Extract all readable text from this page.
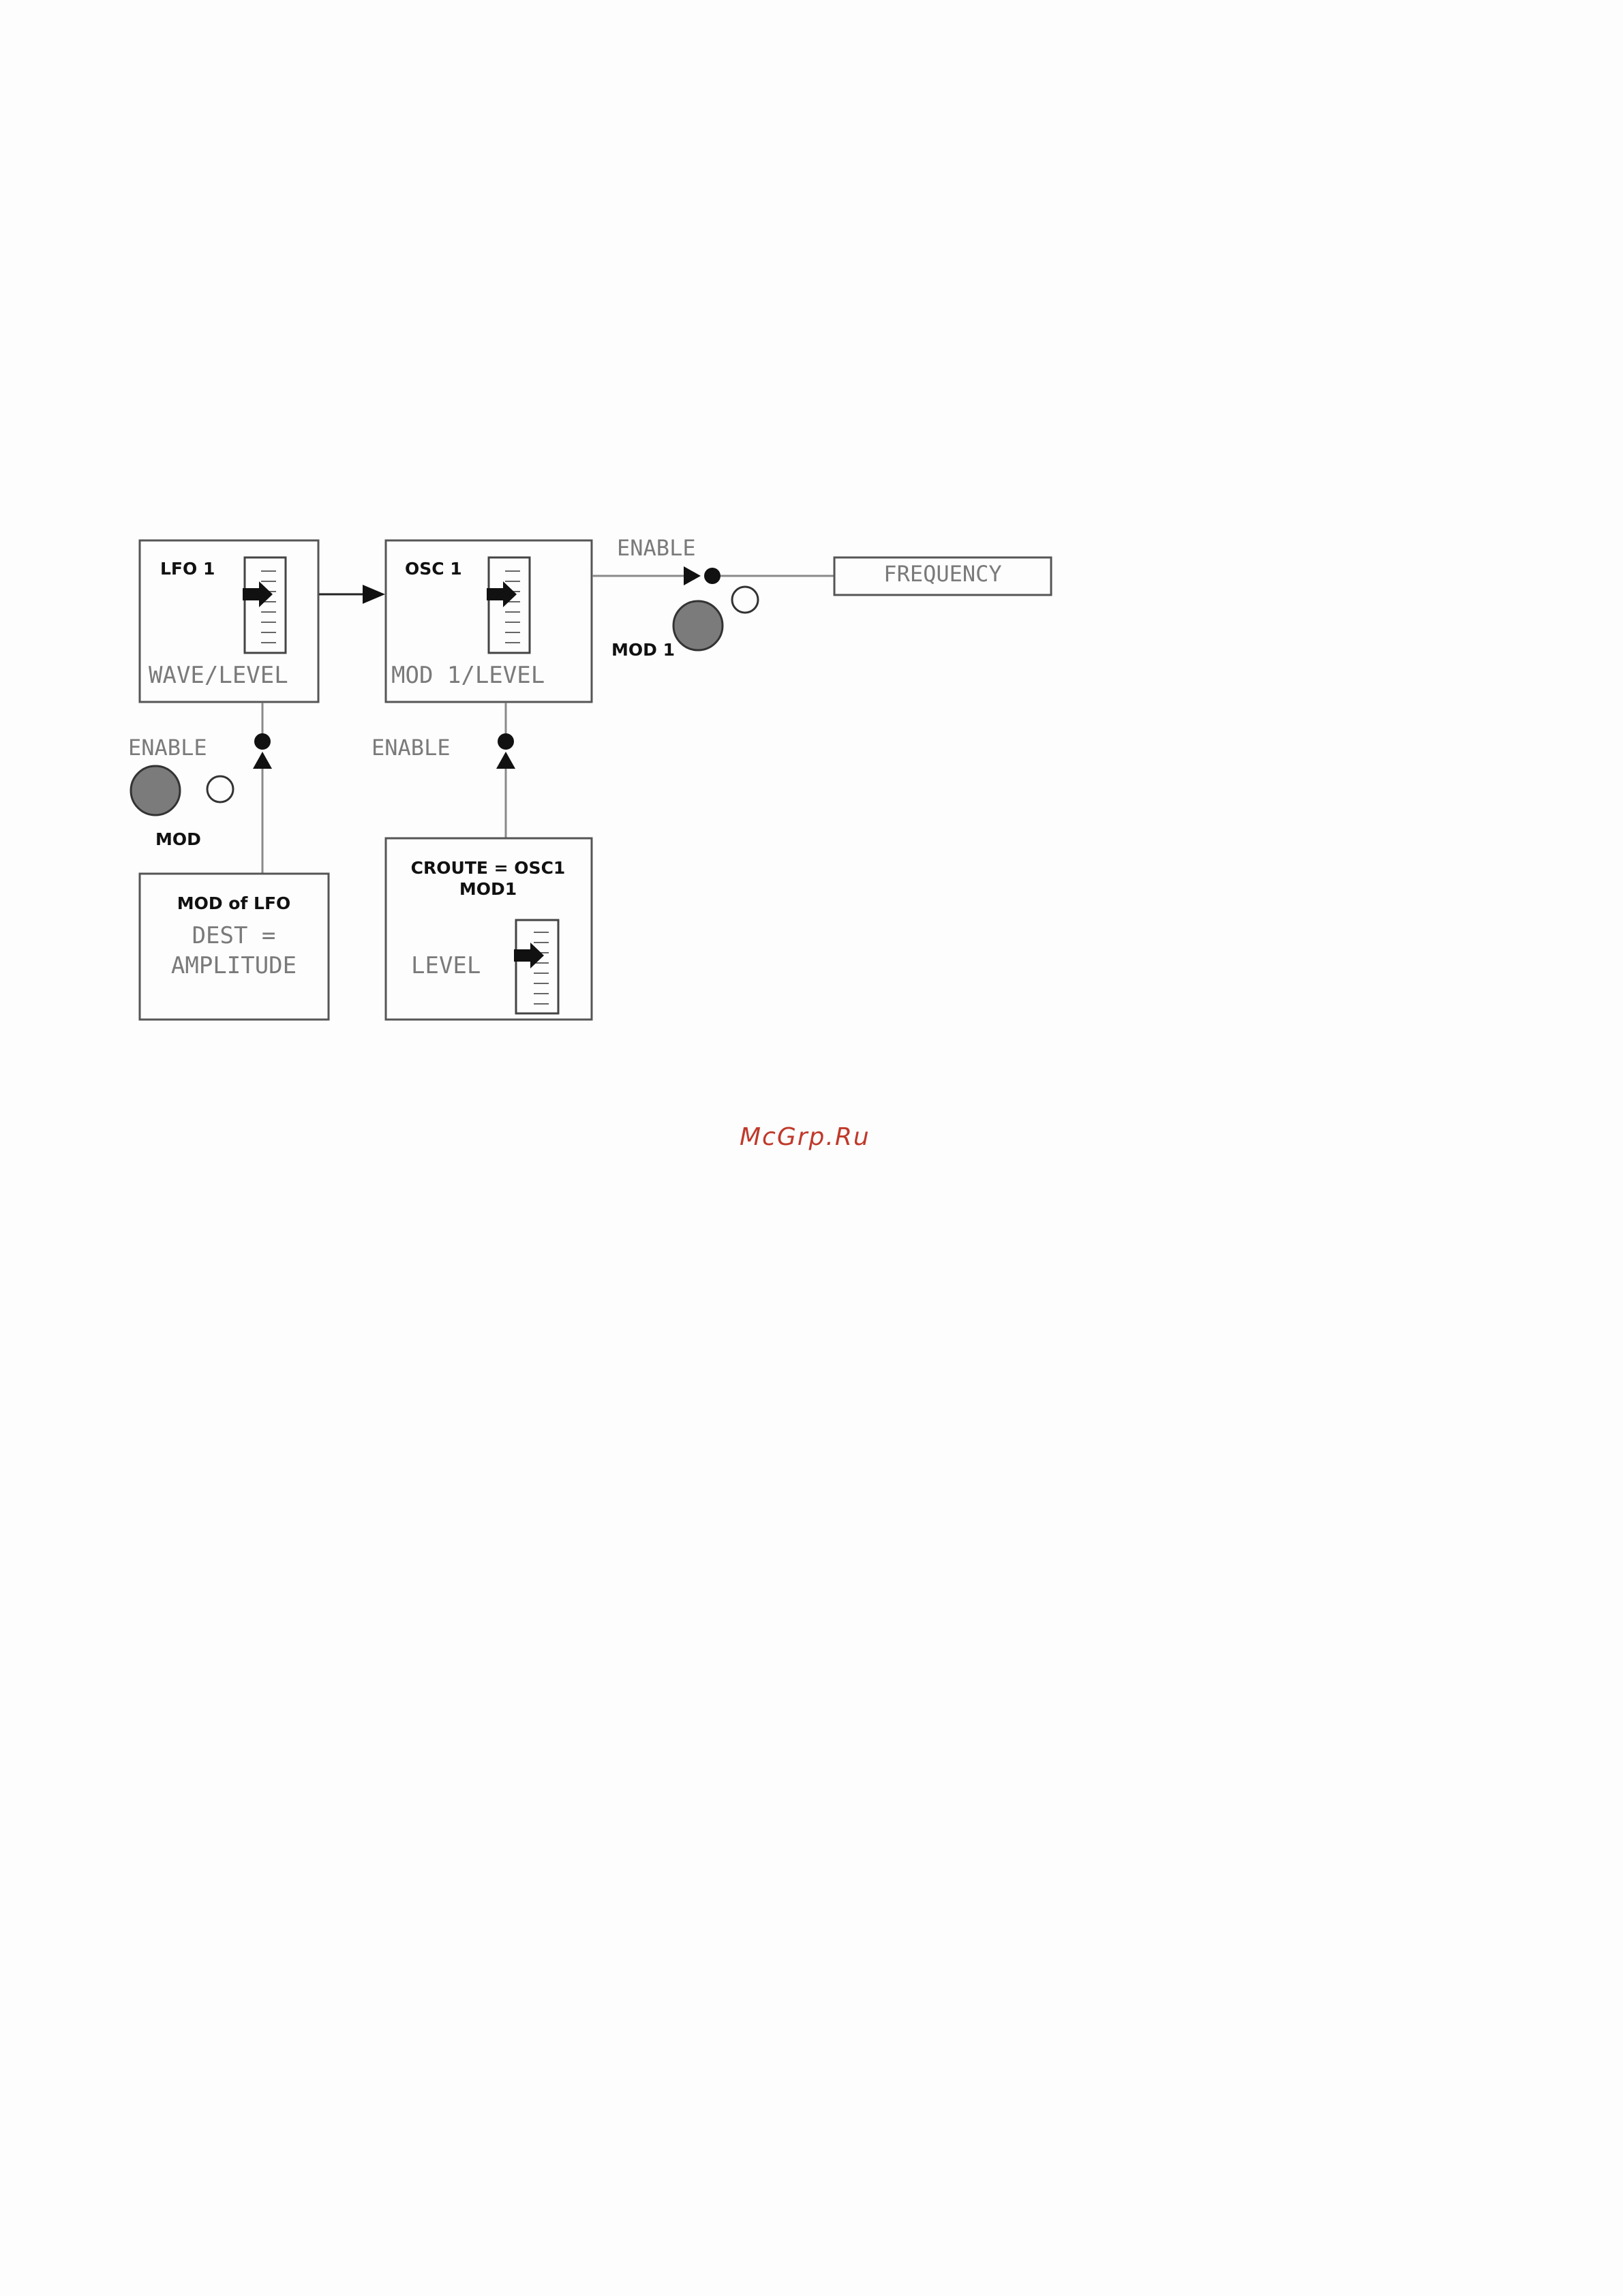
LFO 1
WAVE/LEVEL
OSC 1
MOD 1/LEVEL
ENABLE
MOD 1
FREQUENCY
ENABLE
MOD
MOD of LFO
DEST =
AMPLITUDE
ENABLE
CROUTE = OSC1
MOD1
LEVEL
McGrp.Ru
